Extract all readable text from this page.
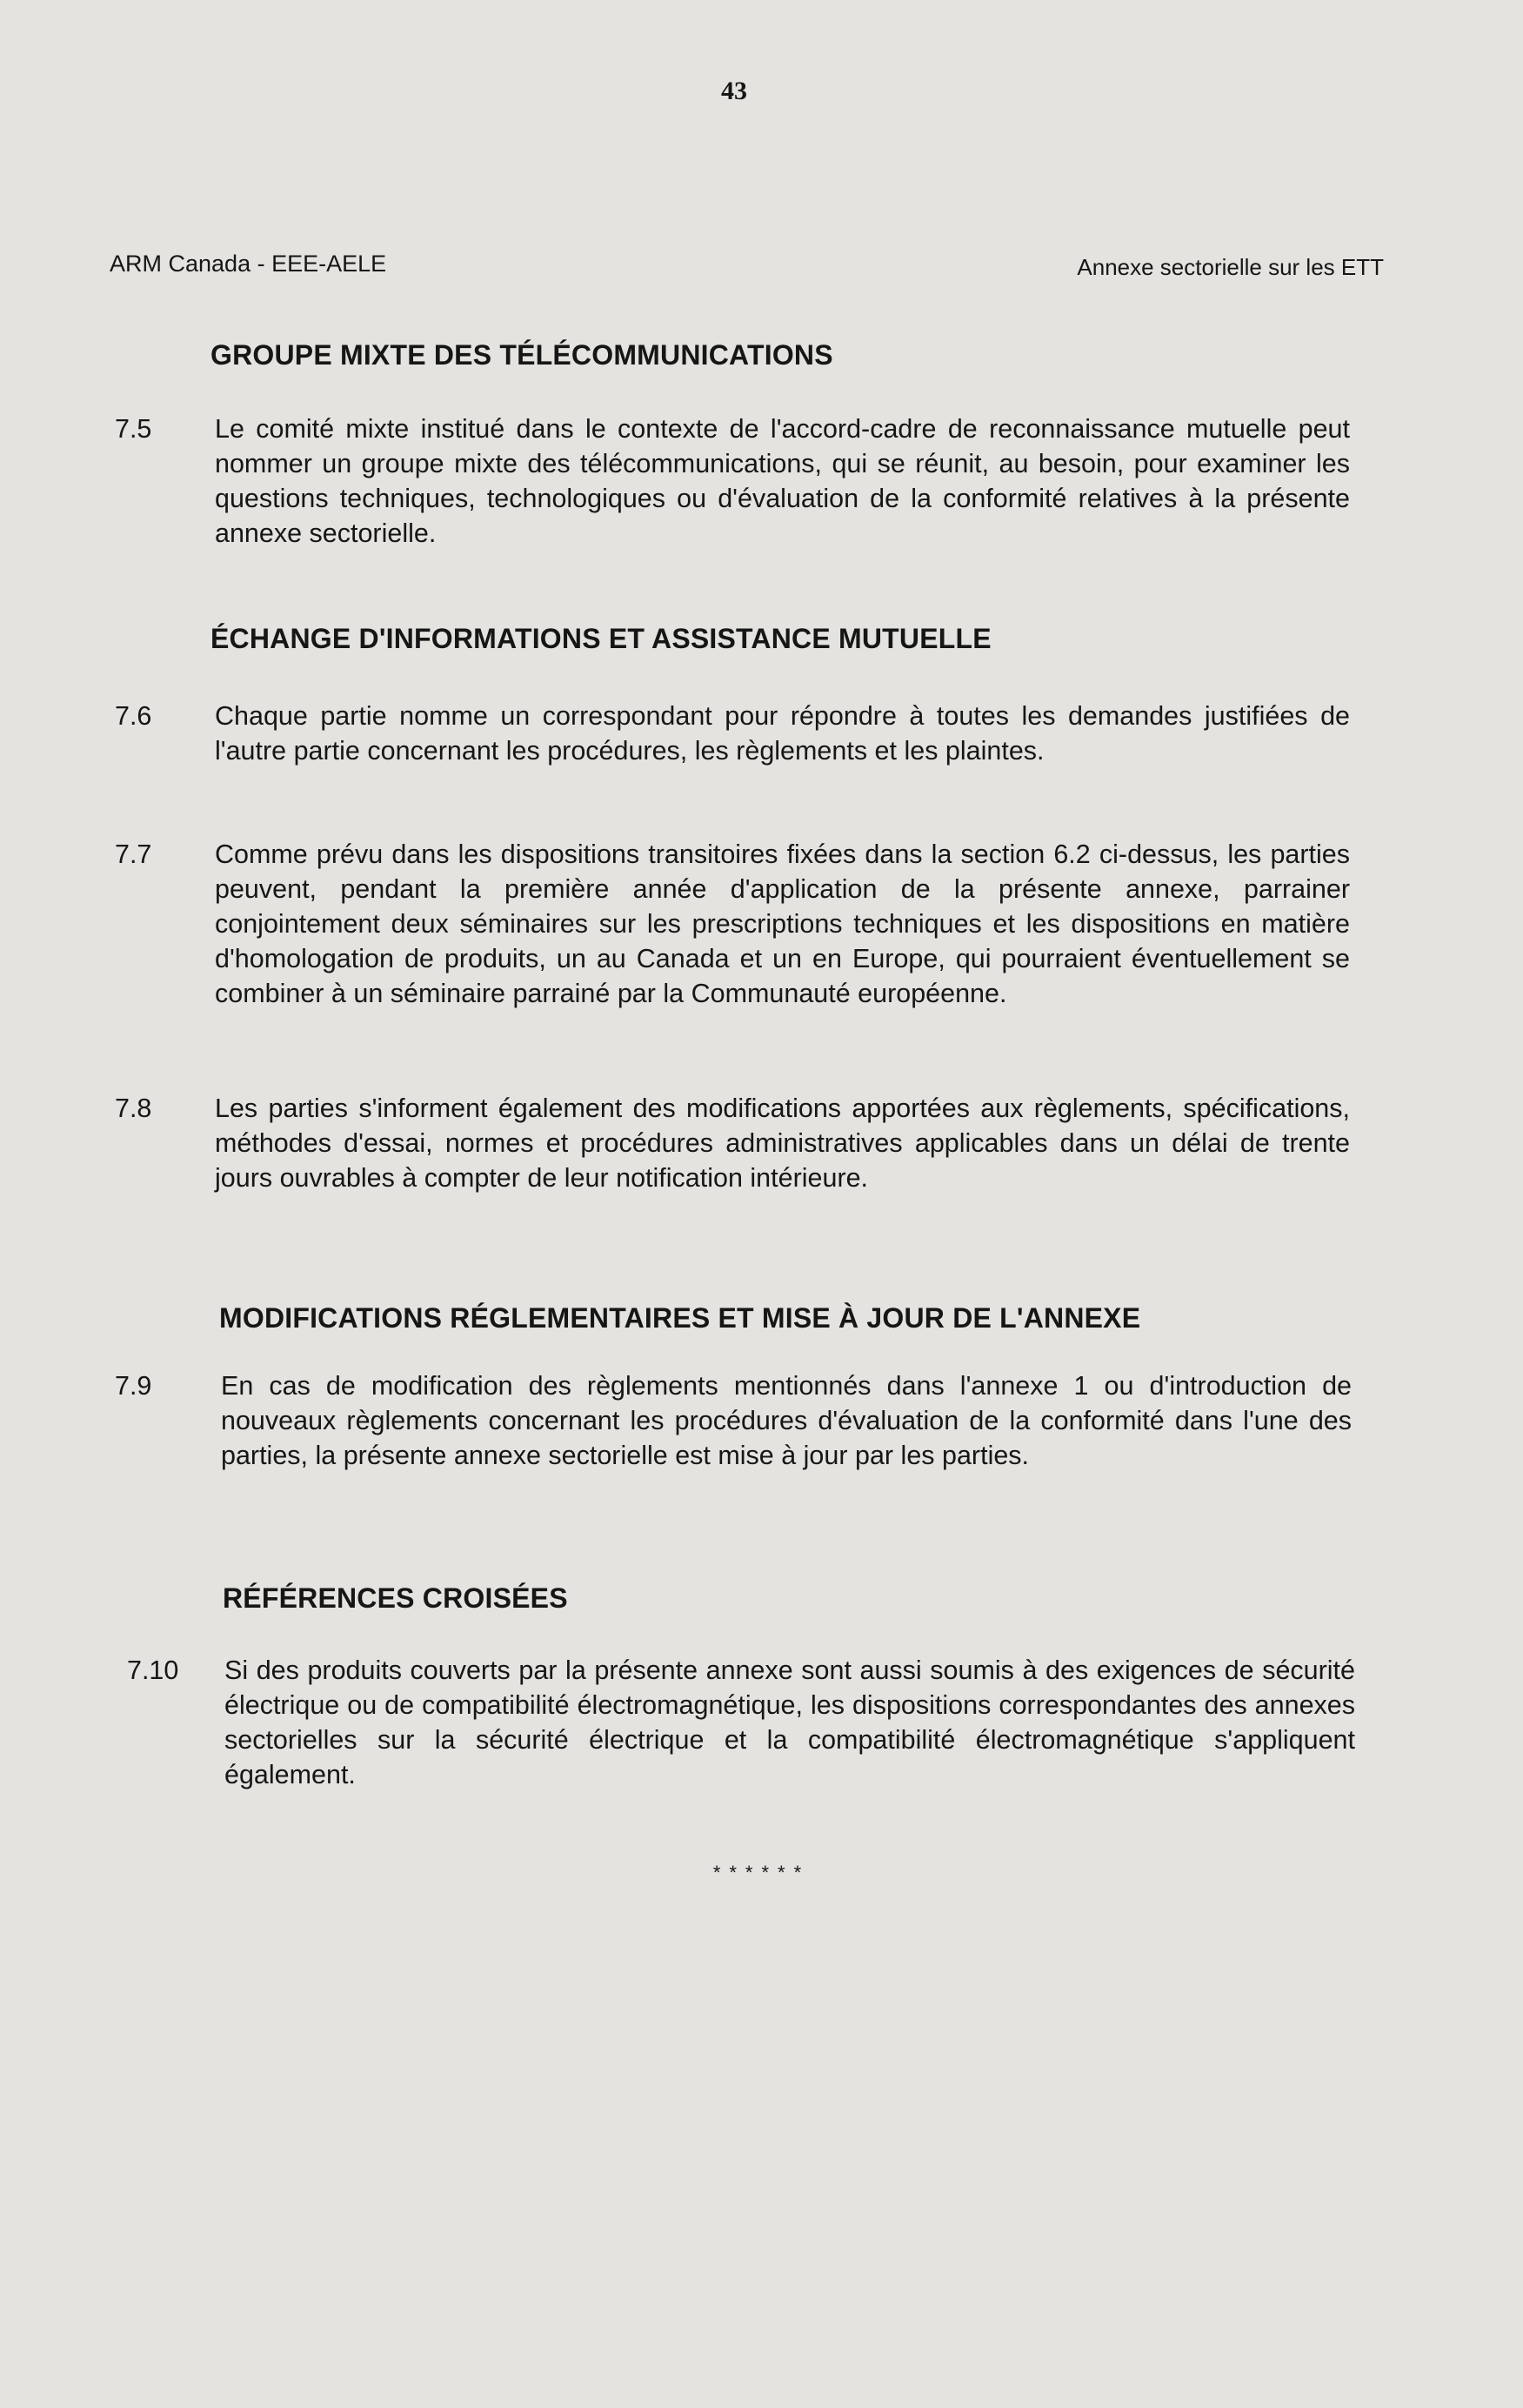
43
ARM Canada - EEE-AELE	Annexe sectorielle sur les ETT
GROUPE MIXTE DES TÉLÉCOMMUNICATIONS
7.5 Le comité mixte institué dans le contexte de l'accord-cadre de reconnaissance mutuelle peut nommer un groupe mixte des télécommunications, qui se réunit, au besoin, pour examiner les questions techniques, technologiques ou d'évaluation de la conformité relatives à la présente annexe sectorielle.
ÉCHANGE D'INFORMATIONS ET ASSISTANCE MUTUELLE
7.6 Chaque partie nomme un correspondant pour répondre à toutes les demandes justifiées de l'autre partie concernant les procédures, les règlements et les plaintes.
7.7 Comme prévu dans les dispositions transitoires fixées dans la section 6.2 ci-dessus, les parties peuvent, pendant la première année d'application de la présente annexe, parrainer conjointement deux séminaires sur les prescriptions techniques et les dispositions en matière d'homologation de produits, un au Canada et un en Europe, qui pourraient éventuellement se combiner à un séminaire parrainé par la Communauté européenne.
7.8 Les parties s'informent également des modifications apportées aux règlements, spécifications, méthodes d'essai, normes et procédures administratives applicables dans un délai de trente jours ouvrables à compter de leur notification intérieure.
MODIFICATIONS RÉGLEMENTAIRES ET MISE À JOUR DE L'ANNEXE
7.9	En cas de modification des règlements mentionnés dans l'annexe 1 ou d'introduction de nouveaux règlements concernant les procédures d'évaluation de la conformité dans l'une des parties, la présente annexe sectorielle est mise à jour par les parties.
RÉFÉRENCES CROISÉES
7.10 Si des produits couverts par la présente annexe sont aussi soumis à des exigences de sécurité électrique ou de compatibilité électromagnétique, les dispositions correspondantes des annexes sectorielles sur la sécurité électrique et la compatibilité électromagnétique s'appliquent également.
******
